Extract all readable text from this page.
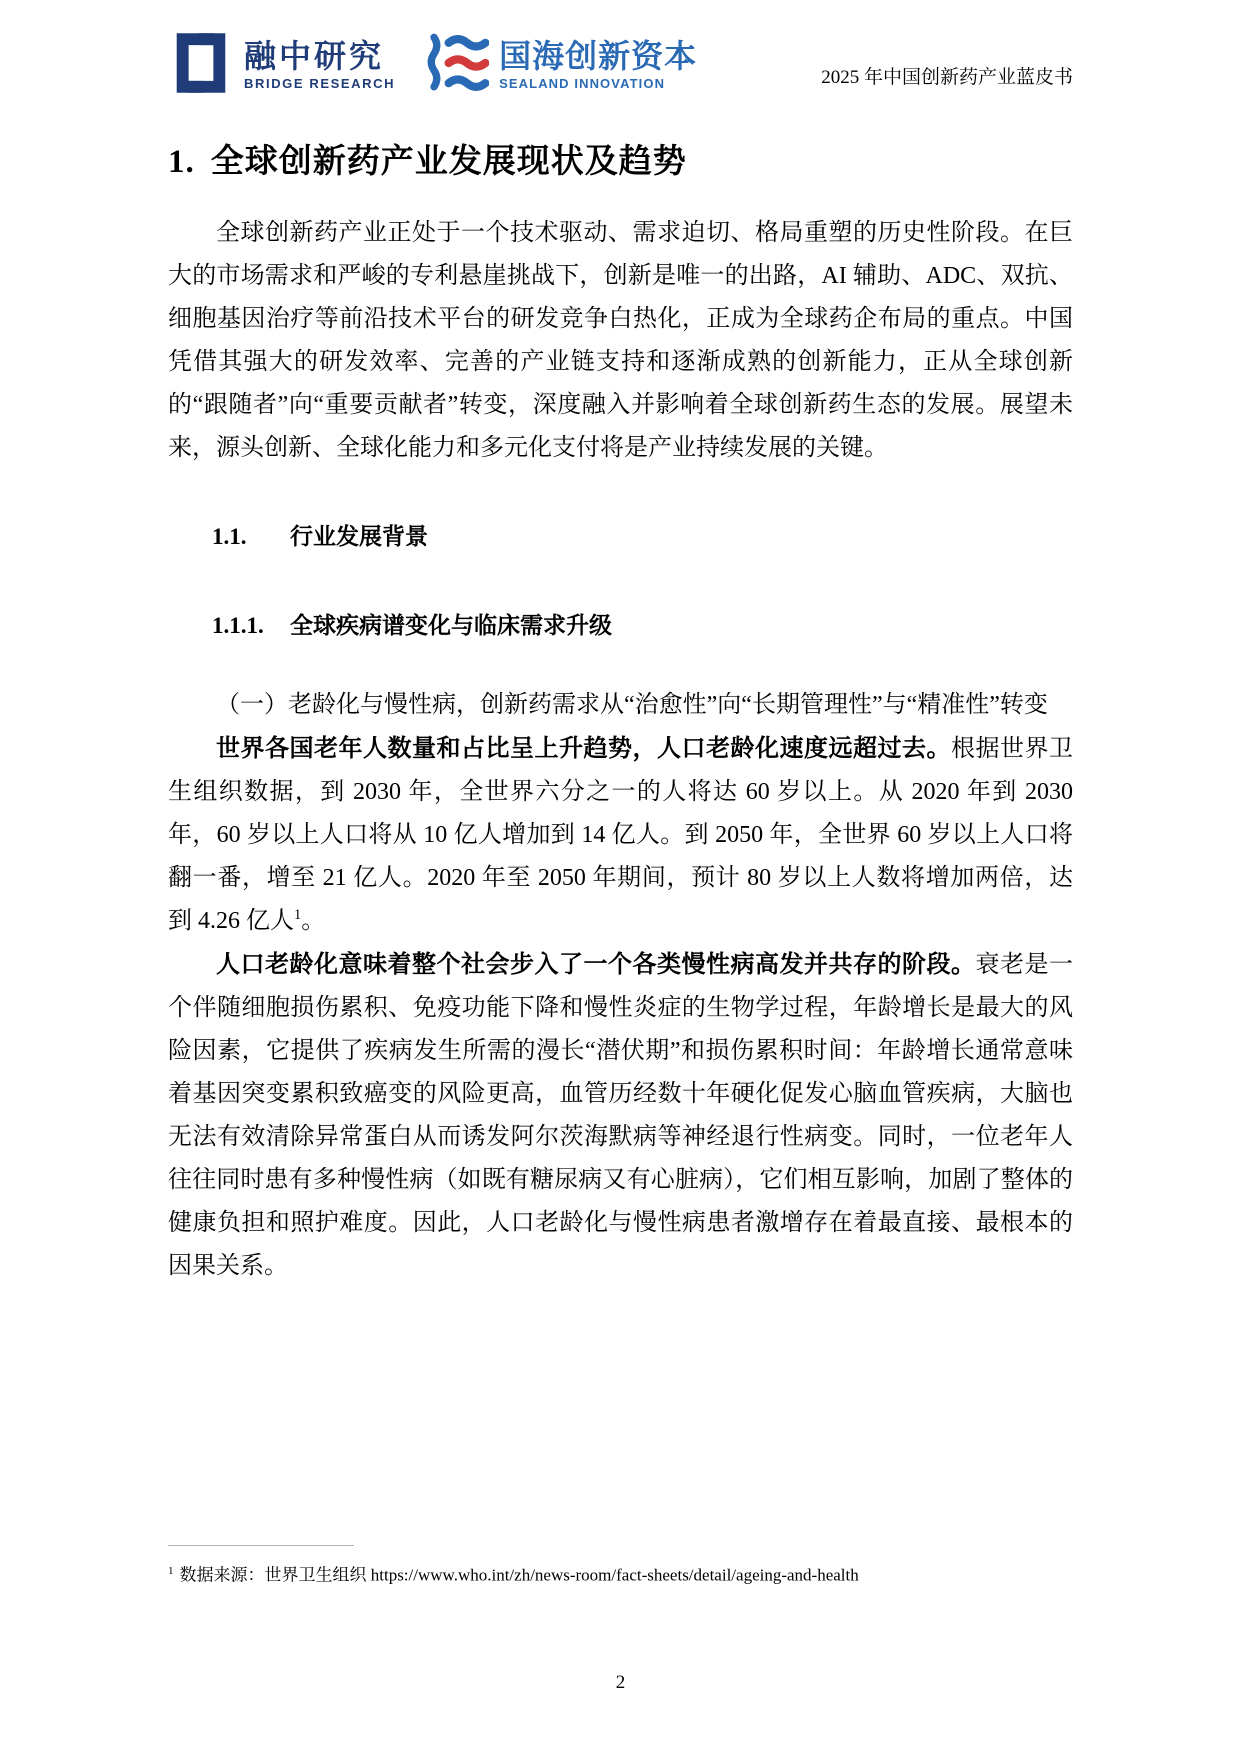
融中研究
BRIDGE RESEARCH
国海创新资本
SEALAND INNOVATION	2025 年中国创新药产业蓝皮书
1. 全球创新药产业发展现状及趋势

全球创新药产业正处于一个技术驱动、需求迫切、格局重塑的历史性阶段。在巨大的市场需求和严峻的专利悬崖挑战下，创新是唯一的出路，AI 辅助、ADC、双抗、细胞基因治疗等前沿技术平台的研发竞争白热化，正成为全球药企布局的重点。中国凭借其强大的研发效率、完善的产业链支持和逐渐成熟的创新能力，正从全球创新的“跟随者”向“重要贡献者”转变，深度融入并影响着全球创新药生态的发展。展望未来，源头创新、全球化能力和多元化支付将是产业持续发展的关键。

1.1. 行业发展背景
1.1.1. 全球疾病谱变化与临床需求升级

（一）老龄化与慢性病，创新药需求从“治愈性”向“长期管理性”与“精准性”转变

世界各国老年人数量和占比呈上升趋势，人口老龄化速度远超过去。根据世界卫生组织数据，到 2030 年，全世界六分之一的人将达 60 岁以上。从 2020 年到 2030 年，60 岁以上人口将从 10 亿人增加到 14 亿人。到 2050 年，全世界 60 岁以上人口将翻一番，增至 21 亿人。2020 年至 2050 年期间，预计 80 岁以上人数将增加两倍，达到 4.26 亿人$^1$。

人口老龄化意味着整个社会步入了一个各类慢性病高发并共存的阶段。衰老是一个伴随细胞损伤累积、免疫功能下降和慢性炎症的生物学过程，年龄增长是最大的风险因素，它提供了疾病发生所需的漫长“潜伏期”和损伤累积时间：年龄增长通常意味着基因突变累积致癌变的风险更高，血管历经数十年硬化促发心脑血管疾病，大脑也无法有效清除异常蛋白从而诱发阿尔茨海默病等神经退行性病变。同时，一位老年人往往同时患有多种慢性病（如既有糖尿病又有心脏病），它们相互影响，加剧了整体的健康负担和照护难度。因此，人口老龄化与慢性病患者激增存在着最直接、最根本的因果关系。

$^1$ 数据来源：世界卫生组织 https://www.who.int/zh/news-room/fact-sheets/detail/ageing-and-health
2
